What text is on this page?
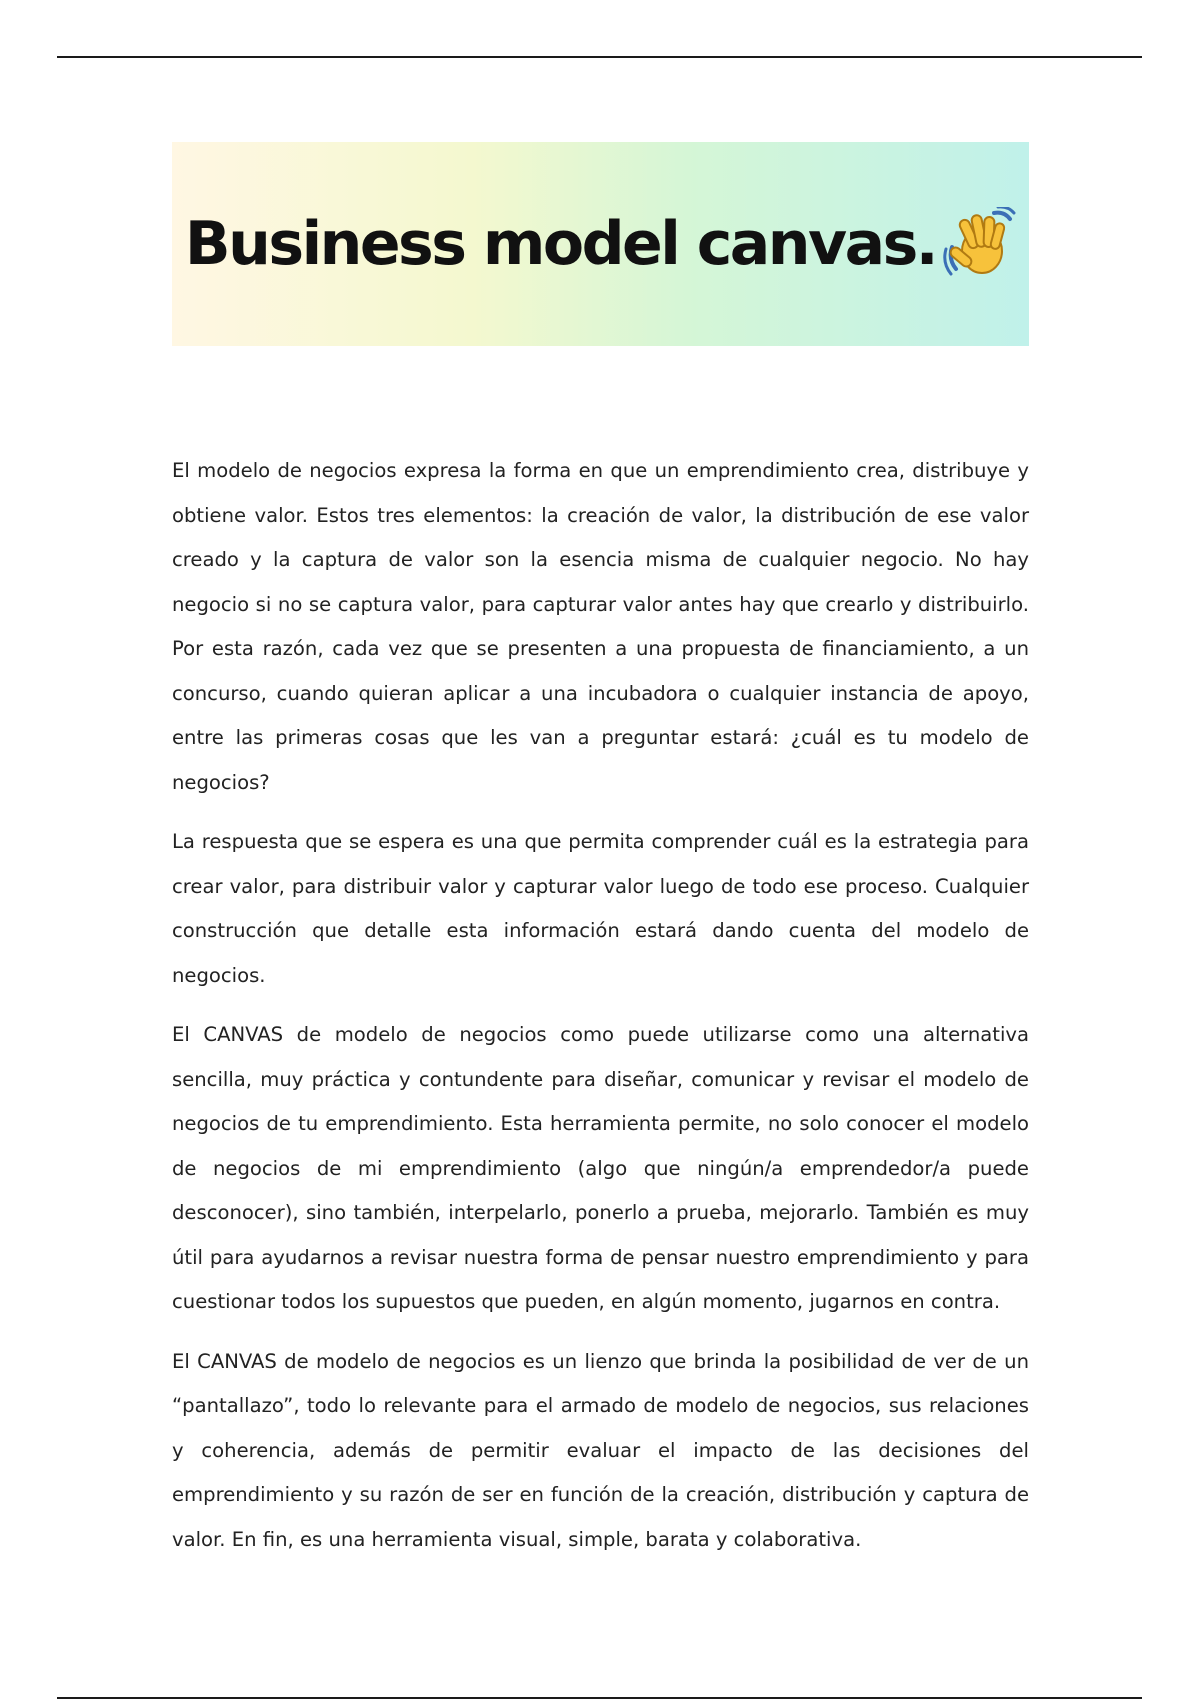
Business model canvas.

El modelo de negocios expresa la forma en que un emprendimiento crea, distribuye y obtiene valor. Estos tres elementos: la creación de valor, la distribución de ese valor creado y la captura de valor son la esencia misma de cualquier negocio. No hay negocio si no se captura valor, para capturar valor antes hay que crearlo y distribuirlo. Por esta razón, cada vez que se presenten a una propuesta de financiamiento, a un concurso, cuando quieran aplicar a una incubadora o cualquier instancia de apoyo, entre las primeras cosas que les van a preguntar estará: ¿cuál es tu modelo de negocios?

La respuesta que se espera es una que permita comprender cuál es la estrategia para crear valor, para distribuir valor y capturar valor luego de todo ese proceso. Cualquier construcción que detalle esta información estará dando cuenta del modelo de negocios.

El CANVAS de modelo de negocios como puede utilizarse como una alternativa sencilla, muy práctica y contundente para diseñar, comunicar y revisar el modelo de negocios de tu emprendimiento. Esta herramienta permite, no solo conocer el modelo de negocios de mi emprendimiento (algo que ningún/a emprendedor/a puede desconocer), sino también, interpelarlo, ponerlo a prueba, mejorarlo. También es muy útil para ayudarnos a revisar nuestra forma de pensar nuestro emprendimiento y para cuestionar todos los supuestos que pueden, en algún momento, jugarnos en contra.

El CANVAS de modelo de negocios es un lienzo que brinda la posibilidad de ver de un “pantallazo”, todo lo relevante para el armado de modelo de negocios, sus relaciones y coherencia, además de permitir evaluar el impacto de las decisiones del emprendimiento y su razón de ser en función de la creación, distribución y captura de valor. En fin, es una herramienta visual, simple, barata y colaborativa.
